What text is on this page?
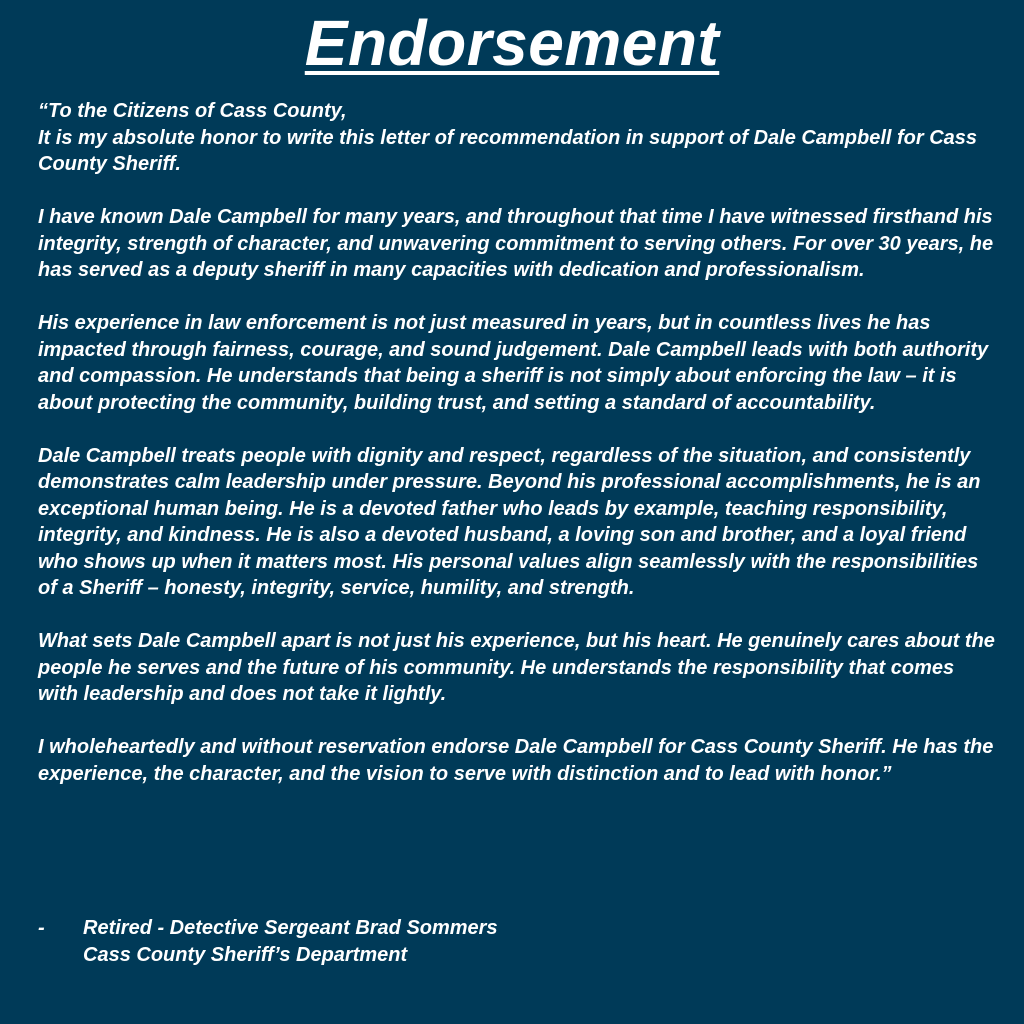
Endorsement

“To the Citizens of Cass County,
It is my absolute honor to write this letter of recommendation in support of Dale Campbell for Cass County Sheriff.

I have known Dale Campbell for many years, and throughout that time I have witnessed firsthand his integrity, strength of character, and unwavering commitment to serving others. For over 30 years, he has served as a deputy sheriff in many capacities with dedication and professionalism.

His experience in law enforcement is not just measured in years, but in countless lives he has impacted through fairness, courage, and sound judgement. Dale Campbell leads with both authority and compassion. He understands that being a sheriff is not simply about enforcing the law – it is about protecting the community, building trust, and setting a standard of accountability.

Dale Campbell treats people with dignity and respect, regardless of the situation, and consistently demonstrates calm leadership under pressure. Beyond his professional accomplishments, he is an exceptional human being. He is a devoted father who leads by example, teaching responsibility, integrity, and kindness. He is also a devoted husband, a loving son and brother, and a loyal friend who shows up when it matters most. His personal values align seamlessly with the responsibilities of a Sheriff – honesty, integrity, service, humility, and strength.

What sets Dale Campbell apart is not just his experience, but his heart. He genuinely cares about the people he serves and the future of his community. He understands the responsibility that comes with leadership and does not take it lightly.

I wholeheartedly and without reservation endorse Dale Campbell for Cass County Sheriff. He has the experience, the character, and the vision to serve with distinction and to lead with honor.”

-	Retired - Detective Sergeant Brad Sommers
Cass County Sheriff’s Department
